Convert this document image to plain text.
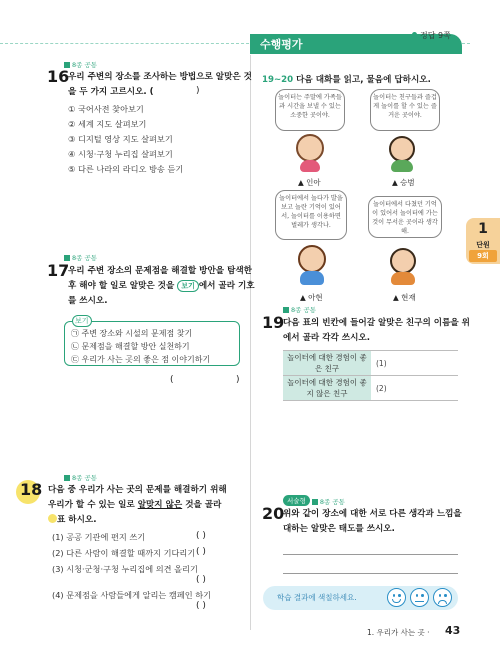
수행평가
정답 9쪽
1
단원
9회
8종 공통
16
우리 주변의 장소를 조사하는 방법으로 알맞은 것
을 두 가지 고르시오. (	)
① 국어사전 찾아보기
② 세계 지도 살펴보기
③ 디지털 영상 지도 살펴보기
④ 시청·구청 누리집 살펴보기
⑤ 다른 나라의 라디오 방송 듣기
8종 공통
17
우리 주변 장소의 문제점을 해결할 방안을 탐색한
후 해야 할 일로 알맞은 것을 보기 에서 골라 기호
를 쓰시오.
㉠ 주변 장소와 시설의 문제점 찾기
㉡ 문제점을 해결할 방안 실천하기
㉢ 우리가 사는 곳의 좋은 점 이야기하기
보기
(	)
8종 공통
18 다음 중 우리가 사는 곳의 문제를 해결하기 위해
우리가 할 수 있는 일로 알맞지 않은 것을 골라
표 하시오.
(1) 공공 기관에 편지 쓰기	( )
(2) 다른 사람이 해결할 때까지 기다리기 ( )
(3) 시청·군청·구청 누리집에 의견 올리기
( )
(4) 문제점을 사람들에게 알리는 캠페인 하기
( )
19~20 다음 대화를 읽고, 물음에 답하시오.
놀이터는 주말에 가족들과 시간을 보낼 수 있는 소중한 곳이야.
▲ 인아
놀이터는 친구들과 즐겁게 놀이를 할 수 있는 즐거운 곳이야.
▲ 승범
놀이터에서 놀다가 발을 보고 놀란 기억이 있어서, 놀이터를 이용하면 벌레가 생각나.
▲ 아현
놀이터에서 다쳤던 기억이 있어서 놀이터에 가는 것이 무서운 곳이라 생각해.
▲ 현재
8종 공통
19
다음 표의 빈칸에 들어갈 알맞은 친구의 이름을 위
에서 골라 각각 쓰시오.
놀이터에 대한 경험이 좋은 친구	(1)
놀이터에 대한 경험이 좋지 않은 친구	(2)
서술형 8종 공통
20
위와 같이 장소에 대한 서로 다른 생각과 느낌을
대하는 알맞은 태도를 쓰시오.
학습 결과에 색칠하세요.
1. 우리가 사는 곳 · 43
